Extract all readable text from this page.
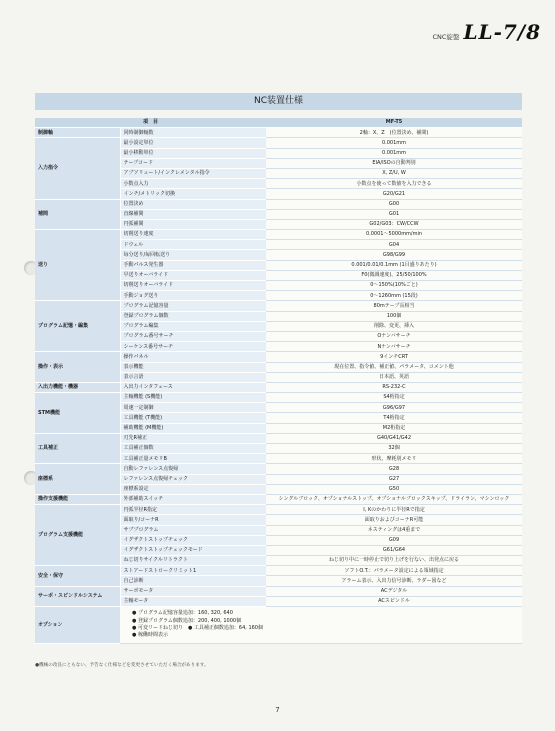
CNC旋盤 LL-7/8
NC装置仕様
項　目		MF-T5
制御軸	同時制御軸数	2軸：X、Z　(位置決め、補間)
入力指令	最小設定単位	0.001mm
	最小移動単位	0.001mm
	テープコード	EIA/ISOの自動判別
	アブソリュート/インクレメンタル指令	X, Z/U, W
	小数点入力	小数点を使って数値を入力できる
	インチ/メトリック切換	G20/G21
補間	位置決め	G00
	直線補間	G01
	円弧補間	G02/G03：CW/CCW
送り	切削送り速度	0.0001～5000mm/min
	ドウェル	G04
	毎分送り/毎回転送り	G98/G99
	手動パルス発生器	0.001/0.01/0.1mm (1目盛りあたり)
	早送りオーバライド	F0(微調速度)、25/50/100%
	切削送りオーバライド	0～150%(10%ごと)
	手動ジョグ送り	0～1260mm (15段)
プログラム記憶・編集	プログラム記憶容量	80mテープ長相当
	登録プログラム個数	100個
	プログラム編集	削除、変更、挿入
	プログラム番号サーチ	Oナンバサーチ
	シーケンス番号サーチ	Nナンバサーチ
操作・表示	操作パネル	9インチCRT
	表示機能	現在位置、指令値、補正値、パラメータ、コメント他
	表示言語	日本語、英語
入出力機能・機器	入出力インタフェース	RS-232-C
STM機能	主軸機能 (S機能)	S4桁指定
	周速一定制御	G96/G97
	工具機能 (T機能)	T4桁指定
	補助機能 (M機能)	M2桁指定
工具補正	刃先R補正	G40/G41/G42
	工具補正個数	32個
	工具補正量メモリB	形状、摩耗別メモリ
座標系	自動レファレンス点復帰	G28
	レファレンス点復帰チェック	G27
	座標系設定	G50
操作支援機能	外部補助スイッチ	シングルブロック、オプショナルストップ、オプショナルブロックスキップ、ドライラン、マシンロック
プログラム支援機能	円弧半径R指定	I, Kのかわりに半径Rで指定
	面取り/コーナR	面取りおよびコーナR可能
	サブプログラム	ネスティングは4重まで
	イグザクトストップチェック	G09
	イグザクトストップチェックモード	G61/G64
	ねじ切りサイクルリトラクト	ねじ切り中に一時停止で切り上げを行ない、出発点に戻る
安全・保守	ストアードストロークリミット1	ソフトO.T.：パラメータ設定による領域指定
	自己診断	アラーム表示、入出力信号診断、ラダー図など
サーボ・スピンドルシステム	サーボモータ	ACデジタル
	主軸モータ	ACスピンドル
オプション	● プログラム記憶容量追加：160, 320, 640
● 登録プログラム個数追加：200, 400, 1000個
● 可変リードねじ切り　● 工具補正個数追加：64, 160個
● 稼働時間表示	
●機械の改良にともない、予告なく仕様などを変更させていただく場合があります。
7
